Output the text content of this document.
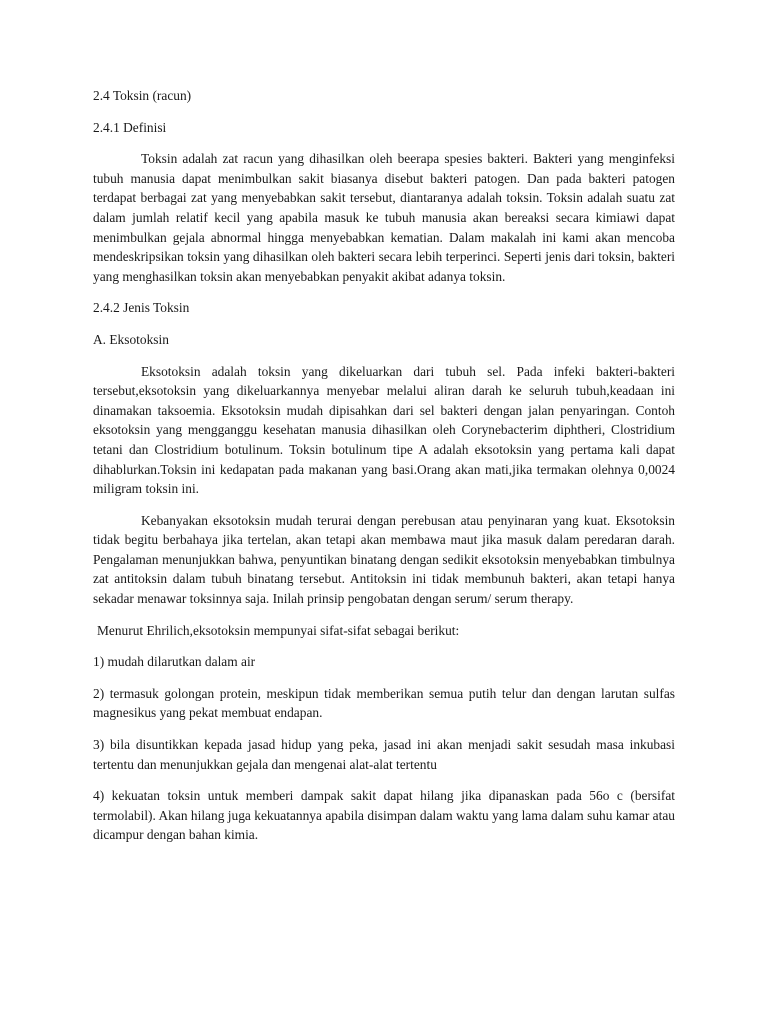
2.4 Toksin (racun)

2.4.1 Definisi

Toksin adalah zat racun yang dihasilkan oleh beerapa spesies bakteri. Bakteri yang menginfeksi tubuh manusia dapat menimbulkan sakit biasanya disebut bakteri patogen. Dan pada bakteri patogen terdapat berbagai zat yang menyebabkan sakit tersebut, diantaranya adalah toksin. Toksin adalah suatu zat dalam jumlah relatif kecil yang apabila masuk ke tubuh manusia akan bereaksi secara kimiawi dapat menimbulkan gejala abnormal hingga menyebabkan kematian. Dalam makalah ini kami akan mencoba mendeskripsikan toksin yang dihasilkan oleh bakteri secara lebih terperinci. Seperti jenis dari toksin, bakteri yang menghasilkan toksin akan menyebabkan penyakit akibat adanya toksin.

2.4.2 Jenis Toksin

A. Eksotoksin

Eksotoksin adalah toksin yang dikeluarkan dari tubuh sel. Pada infeki bakteri-bakteri tersebut,eksotoksin yang dikeluarkannya menyebar melalui aliran darah ke seluruh tubuh,keadaan ini dinamakan taksoemia. Eksotoksin mudah dipisahkan dari sel bakteri dengan jalan penyaringan. Contoh eksotoksin yang mengganggu kesehatan manusia dihasilkan oleh Corynebacterim diphtheri, Clostridium tetani dan Clostridium botulinum. Toksin botulinum tipe A adalah eksotoksin yang pertama kali dapat dihablurkan.Toksin ini kedapatan pada makanan yang basi.Orang akan mati,jika termakan olehnya 0,0024 miligram toksin ini.

Kebanyakan eksotoksin mudah terurai dengan perebusan atau penyinaran yang kuat. Eksotoksin tidak begitu berbahaya jika tertelan, akan tetapi akan membawa maut jika masuk dalam peredaran darah. Pengalaman menunjukkan bahwa, penyuntikan binatang dengan sedikit eksotoksin menyebabkan timbulnya zat antitoksin dalam tubuh binatang tersebut. Antitoksin ini tidak membunuh bakteri, akan tetapi hanya sekadar menawar toksinnya saja. Inilah prinsip pengobatan dengan serum/ serum therapy.

Menurut Ehrilich,eksotoksin mempunyai sifat-sifat sebagai berikut:

1) mudah dilarutkan dalam air

2) termasuk golongan protein, meskipun tidak memberikan semua putih telur dan dengan larutan sulfas magnesikus yang pekat membuat endapan.

3) bila disuntikkan kepada jasad hidup yang peka, jasad ini akan menjadi sakit sesudah masa inkubasi tertentu dan menunjukkan gejala dan mengenai alat-alat tertentu

4) kekuatan toksin untuk memberi dampak sakit dapat hilang jika dipanaskan pada 56o c (bersifat termolabil). Akan hilang juga kekuatannya apabila disimpan dalam waktu yang lama dalam suhu kamar atau dicampur dengan bahan kimia.
